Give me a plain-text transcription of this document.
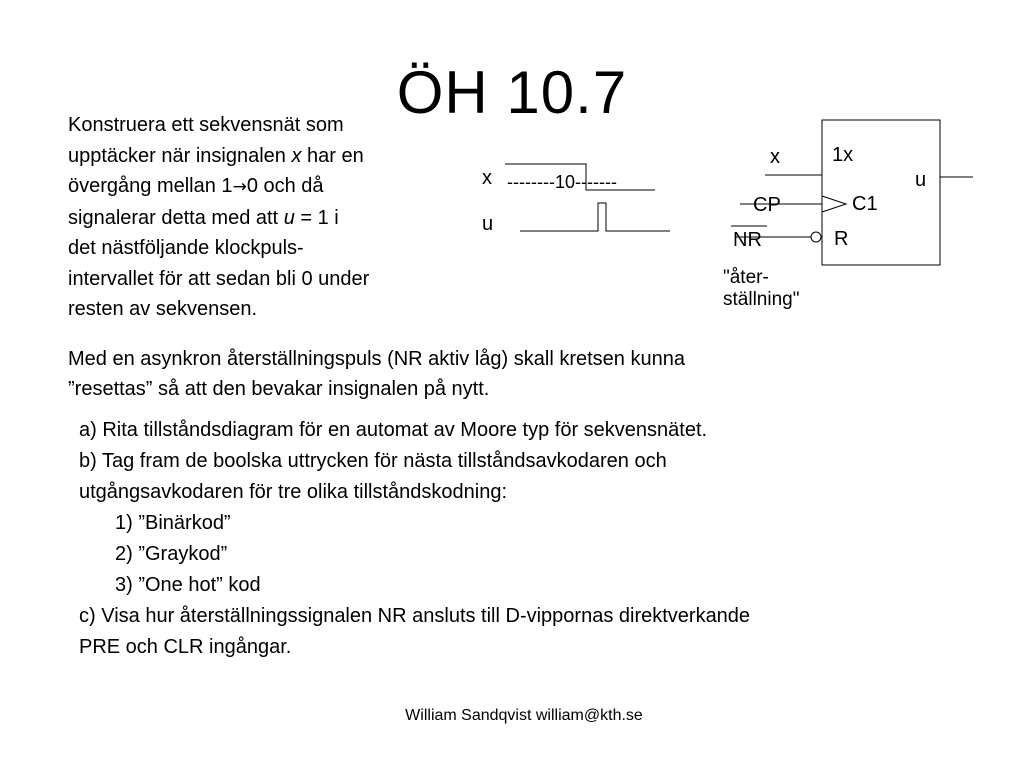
ÖH 10.7
Konstruera ett sekvensnät som
upptäcker när insignalen x har en
övergång mellan 1→0 och då
signalerar detta med att u = 1 i
det nästföljande klockpuls-
intervallet för att sedan bli 0 under
resten av sekvensen.
x
u
--------10-------
1x
C1
R
u
x
CP
NR
"åter-
ställning"
Med en asynkron återställningspuls (NR aktiv låg) skall kretsen kunna
”resettas” så att den bevakar insignalen på nytt.
a) Rita tillståndsdiagram för en automat av Moore typ för sekvensnätet.
b) Tag fram de boolska uttrycken för nästa tillståndsavkodaren och
utgångsavkodaren för tre olika tillståndskodning:
1) ”Binärkod”
2) ”Graykod”
3) ”One hot” kod
c) Visa hur återställningssignalen NR ansluts till D-vippornas direktverkande
PRE och CLR ingångar.
William Sandqvist william@kth.se
